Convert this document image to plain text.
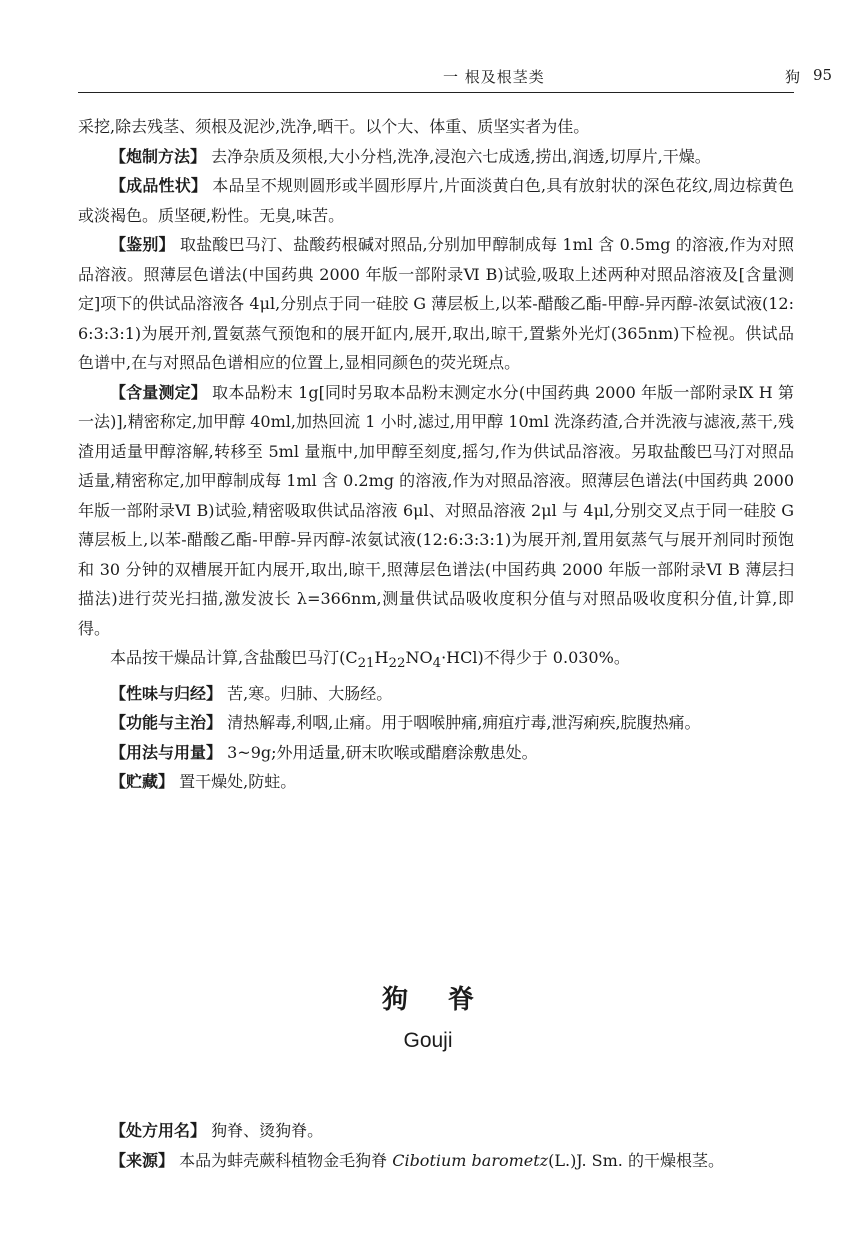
一 根及根茎类	狗 95

采挖,除去残茎、须根及泥沙,洗净,晒干。以个大、体重、质坚实者为佳。

【炮制方法】 去净杂质及须根,大小分档,洗净,浸泡六七成透,捞出,润透,切厚片,干燥。

【成品性状】 本品呈不规则圆形或半圆形厚片,片面淡黄白色,具有放射状的深色花纹,周边棕黄色或淡褐色。质坚硬,粉性。无臭,味苦。

【鉴别】 取盐酸巴马汀、盐酸药根碱对照品,分别加甲醇制成每 1ml 含 0.5mg 的溶液,作为对照品溶液。照薄层色谱法(中国药典 2000 年版一部附录Ⅵ B)试验,吸取上述两种对照品溶液及[含量测定]项下的供试品溶液各 4μl,分别点于同一硅胶 G 薄层板上,以苯-醋酸乙酯-甲醇-异丙醇-浓氨试液(12:6:3:3:1)为展开剂,置氨蒸气预饱和的展开缸内,展开,取出,晾干,置紫外光灯(365nm)下检视。供试品色谱中,在与对照品色谱相应的位置上,显相同颜色的荧光斑点。

【含量测定】 取本品粉末 1g[同时另取本品粉末测定水分(中国药典 2000 年版一部附录Ⅸ H 第一法)],精密称定,加甲醇 40ml,加热回流 1 小时,滤过,用甲醇 10ml 洗涤药渣,合并洗液与滤液,蒸干,残渣用适量甲醇溶解,转移至 5ml 量瓶中,加甲醇至刻度,摇匀,作为供试品溶液。另取盐酸巴马汀对照品适量,精密称定,加甲醇制成每 1ml 含 0.2mg 的溶液,作为对照品溶液。照薄层色谱法(中国药典 2000 年版一部附录Ⅵ B)试验,精密吸取供试品溶液 6μl、对照品溶液 2μl 与 4μl,分别交叉点于同一硅胶 G 薄层板上,以苯-醋酸乙酯-甲醇-异丙醇-浓氨试液(12:6:3:3:1)为展开剂,置用氨蒸气与展开剂同时预饱和 30 分钟的双槽展开缸内展开,取出,晾干,照薄层色谱法(中国药典 2000 年版一部附录Ⅵ B 薄层扫描法)进行荧光扫描,激发波长 λ=366nm,测量供试品吸收度积分值与对照品吸收度积分值,计算,即得。

本品按干燥品计算,含盐酸巴马汀$(C_{21}H_{22}NO_4\cdot HCl)$不得少于 0.030%。

【性味与归经】 苦,寒。归肺、大肠经。

【功能与主治】 清热解毒,利咽,止痛。用于咽喉肿痛,痈疽疔毒,泄泻痢疾,脘腹热痛。

【用法与用量】 3~9g;外用适量,研末吹喉或醋磨涂敷患处。

【贮藏】 置干燥处,防蛀。

狗脊
Gouji

【处方用名】 狗脊、烫狗脊。

【来源】 本品为蚌壳蕨科植物金毛狗脊 Cibotium barometz(L.)J. Sm. 的干燥根茎。
